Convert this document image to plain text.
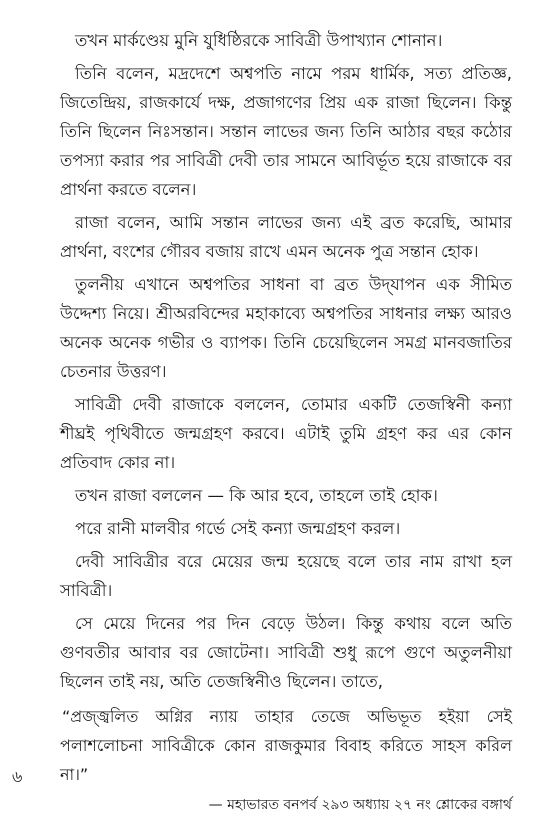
তখন মার্কণ্ডেয় মুনি যুধিষ্ঠিরকে সাবিত্রী উপাখ্যান শোনান।

তিনি বলেন, মদ্রদেশে অশ্বপতি নামে পরম ধার্মিক, সত্য প্রতিজ্ঞ, জিতেন্দ্রিয়, রাজকার্যে দক্ষ, প্রজাগণের প্রিয় এক রাজা ছিলেন। কিন্তু তিনি ছিলেন নিঃসন্তান। সন্তান লাভের জন্য তিনি আঠার বছর কঠোর তপস্যা করার পর সাবিত্রী দেবী তার সামনে আবির্ভূত হয়ে রাজাকে বর প্রার্থনা করতে বলেন।

রাজা বলেন, আমি সন্তান লাভের জন্য এই ব্রত করেছি, আমার প্রার্থনা, বংশের গৌরব বজায় রাখে এমন অনেক পুত্র সন্তান হোক।

তুলনীয় এখানে অশ্বপতির সাধনা বা ব্রত উদ্‌যাপন এক সীমিত উদ্দেশ্য নিয়ে। শ্রীঅরবিন্দের মহাকাব্যে অশ্বপতির সাধনার লক্ষ্য আরও অনেক অনেক গভীর ও ব্যাপক। তিনি চেয়েছিলেন সমগ্র মানবজাতির চেতনার উত্তরণ।

সাবিত্রী দেবী রাজাকে বললেন, তোমার একটি তেজস্বিনী কন্যা শীঘ্রই পৃথিবীতে জন্মগ্রহণ করবে। এটাই তুমি গ্রহণ কর এর কোন প্রতিবাদ কোর না।

তখন রাজা বললেন — কি আর হবে, তাহলে তাই হোক।

পরে রানী মালবীর গর্ভে সেই কন্যা জন্মগ্রহণ করল।

দেবী সাবিত্রীর বরে মেয়ের জন্ম হয়েছে বলে তার নাম রাখা হল সাবিত্রী।

সে মেয়ে দিনের পর দিন বেড়ে উঠল। কিন্তু কথায় বলে অতি গুণবতীর আবার বর জোটেনা। সাবিত্রী শুধু রূপে গুণে অতুলনীয়া ছিলেন তাই নয়, অতি তেজস্বিনীও ছিলেন। তাতে,

“প্রজ্জ্বলিত অগ্নির ন্যায় তাহার তেজে অভিভূত হইয়া সেই পলাশলোচনা সাবিত্রীকে কোন রাজকুমার বিবাহ করিতে সাহস করিল না।”

— মহাভারত বনপর্ব ২৯৩ অধ্যায় ২৭ নং শ্লোকের বঙ্গার্থ

৬
